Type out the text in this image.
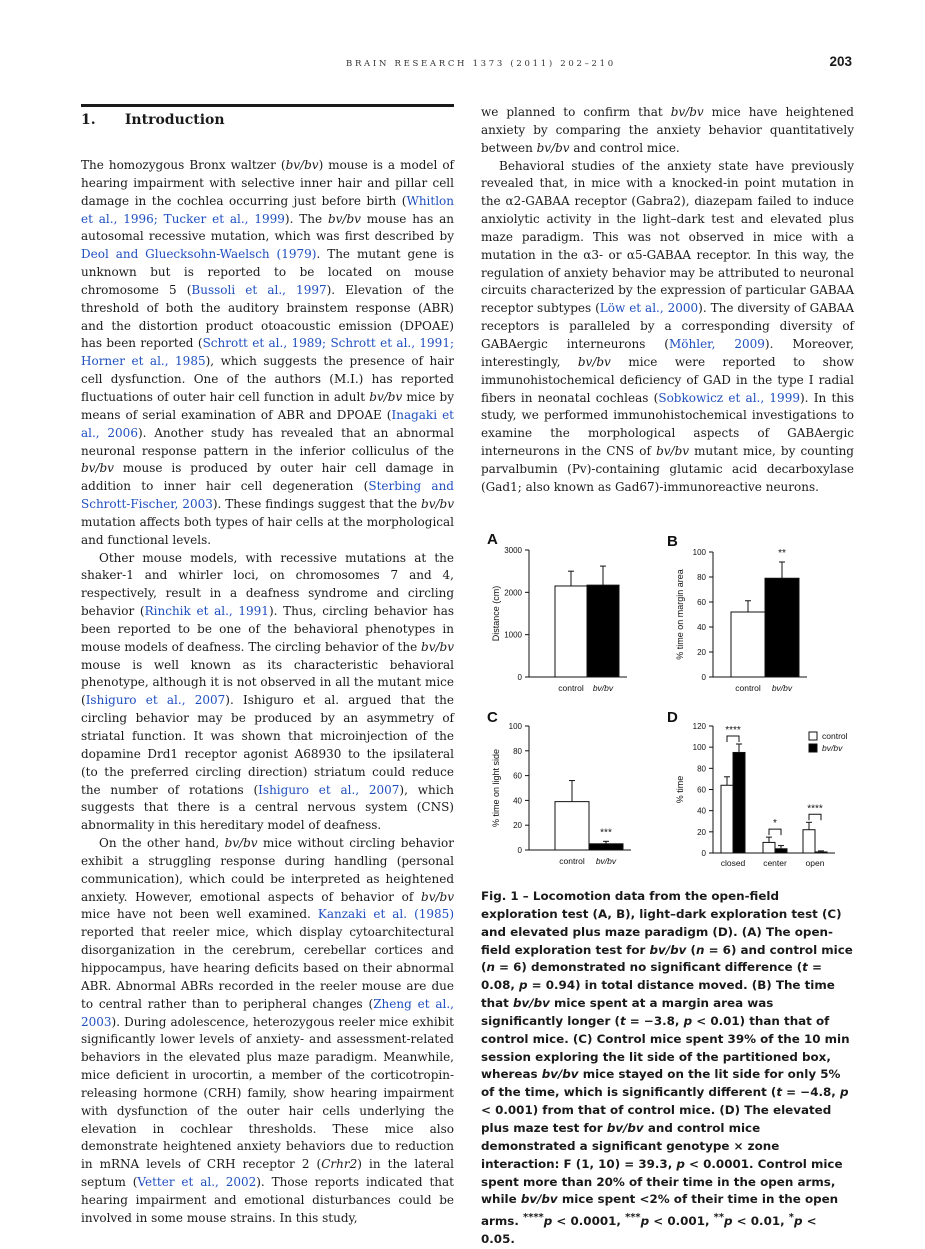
BRAIN RESEARCH 1373 (2011) 202–210	203
1. Introduction

The homozygous Bronx waltzer (bv/bv) mouse is a model of hearing impairment with selective inner hair and pillar cell damage in the cochlea occurring just before birth (Whitlon et al., 1996; Tucker et al., 1999). The bv/bv mouse has an autosomal recessive mutation, which was first described by Deol and Gluecksohn-Waelsch (1979). The mutant gene is unknown but is reported to be located on mouse chromosome 5 (Bussoli et al., 1997). Elevation of the threshold of both the auditory brainstem response (ABR) and the distortion product otoacoustic emission (DPOAE) has been reported (Schrott et al., 1989; Schrott et al., 1991; Horner et al., 1985), which suggests the presence of hair cell dysfunction. One of the authors (M.I.) has reported fluctuations of outer hair cell function in adult bv/bv mice by means of serial examination of ABR and DPOAE (Inagaki et al., 2006). Another study has revealed that an abnormal neuronal response pattern in the inferior colliculus of the bv/bv mouse is produced by outer hair cell damage in addition to inner hair cell degeneration (Sterbing and Schrott-Fischer, 2003). These findings suggest that the bv/bv mutation affects both types of hair cells at the morphological and functional levels.

Other mouse models, with recessive mutations at the shaker-1 and whirler loci, on chromosomes 7 and 4, respectively, result in a deafness syndrome and circling behavior (Rinchik et al., 1991). Thus, circling behavior has been reported to be one of the behavioral phenotypes in mouse models of deafness. The circling behavior of the bv/bv mouse is well known as its characteristic behavioral phenotype, although it is not observed in all the mutant mice (Ishiguro et al., 2007). Ishiguro et al. argued that the circling behavior may be produced by an asymmetry of striatal function. It was shown that microinjection of the dopamine Drd1 receptor agonist A68930 to the ipsilateral (to the preferred circling direction) striatum could reduce the number of rotations (Ishiguro et al., 2007), which suggests that there is a central nervous system (CNS) abnormality in this hereditary model of deafness.

On the other hand, bv/bv mice without circling behavior exhibit a struggling response during handling (personal communication), which could be interpreted as heightened anxiety. However, emotional aspects of behavior of bv/bv mice have not been well examined. Kanzaki et al. (1985) reported that reeler mice, which display cytoarchitectural disorganization in the cerebrum, cerebellar cortices and hippocampus, have hearing deficits based on their abnormal ABR. Abnormal ABRs recorded in the reeler mouse are due to central rather than to peripheral changes (Zheng et al., 2003). During adolescence, heterozygous reeler mice exhibit significantly lower levels of anxiety- and assessment-related behaviors in the elevated plus maze paradigm. Meanwhile, mice deficient in urocortin, a member of the corticotropin-releasing hormone (CRH) family, show hearing impairment with dysfunction of the outer hair cells underlying the elevation in cochlear thresholds. These mice also demonstrate heightened anxiety behaviors due to reduction in mRNA levels of CRH receptor 2 (Crhr2) in the lateral septum (Vetter et al., 2002). Those reports indicated that hearing impairment and emotional disturbances could be involved in some mouse strains. In this study,

we planned to confirm that bv/bv mice have heightened anxiety by comparing the anxiety behavior quantitatively between bv/bv and control mice.

Behavioral studies of the anxiety state have previously revealed that, in mice with a knocked-in point mutation in the α2-GABAA receptor (Gabra2), diazepam failed to induce anxiolytic activity in the light–dark test and elevated plus maze paradigm. This was not observed in mice with a mutation in the α3- or α5-GABAA receptor. In this way, the regulation of anxiety behavior may be attributed to neuronal circuits characterized by the expression of particular GABAA receptor subtypes (Löw et al., 2000). The diversity of GABAA receptors is paralleled by a corresponding diversity of GABAergic interneurons (Möhler, 2009). Moreover, interestingly, bv/bv mice were reported to show immunohistochemical deficiency of GAD in the type I radial fibers in neonatal cochleas (Sobkowicz et al., 1999). In this study, we performed immunohistochemical investigations to examine the morphological aspects of GABAergic interneurons in the CNS of bv/bv mutant mice, by counting parvalbumin (Pv)-containing glutamic acid decarboxylase (Gad1; also known as Gad67)-immunoreactive neurons.

A
0
1000
2000
3000
Distance (cm)
control bv/bv
B
0
20
40
60
80
100
% time on margin area
control bv/bv
**
C
0
20
40
60
80
100
% time on light side
control bv/bv
***
D
0
20
40
60
80
100
120
% time
closed
****
center
*
open
****
control
bv/bv

Fig. 1 – Locomotion data from the open-field exploration test (A, B), light–dark exploration test (C) and elevated plus maze paradigm (D). (A) The open-field exploration test for bv/bv (n = 6) and control mice (n = 6) demonstrated no significant difference (t = 0.08, p = 0.94) in total distance moved. (B) The time that bv/bv mice spent at a margin area was significantly longer (t = −3.8, p < 0.01) than that of control mice. (C) Control mice spent 39% of the 10 min session exploring the lit side of the partitioned box, whereas bv/bv mice stayed on the lit side for only 5% of the time, which is significantly different (t = −4.8, p < 0.001) from that of control mice. (D) The elevated plus maze test for bv/bv and control mice demonstrated a significant genotype × zone interaction: F (1, 10) = 39.3, p < 0.0001. Control mice spent more than 20% of their time in the open arms, while bv/bv mice spent <2% of their time in the open arms. ****p < 0.0001, ***p < 0.001, **p < 0.01, *p < 0.05.
